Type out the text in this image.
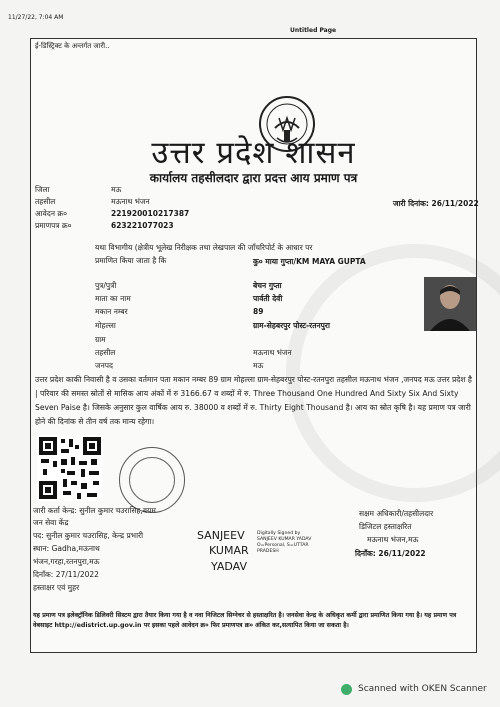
11/27/22, 7:04 AM
Untitled Page
ई-डिस्ट्रिक्ट के अन्तर्गत जारी..
उत्तर प्रदेश शासन
कार्यालय तहसीलदार द्वारा प्रदत्त आय प्रमाण पत्र
जिला	मऊ
तहसील	मऊनाथ भंजन
आवेदन क्र०	221920010217387
प्रमाणपत्र क्र०	623221077023
जारी दिनांक: 26/11/2022
यथा विभागीय (क्षेत्रीय भूलेख निरीक्षक तथा लेखपाल की जाँचरिपोर्ट के आधार पर
प्रमाणित किया जाता है कि	कु० माया गुप्ता/KM MAYA GUPTA
पुत्र/पुत्री	बेचन गुप्ता
माता का नाम	पार्वती देवी
मकान नम्बर	89
मोहल्ला	ग्राम-सेहबरपुर पोस्ट-रतनपुरा
ग्राम
तहसील	मऊनाथ भंजन
जनपद	मऊ
उत्तर प्रदेश काकी निवासी है व उसका वर्तमान पता मकान नम्बर 89 ग्राम मोहल्ला ग्राम-सेहबरपुर पोस्ट-रतनपुरा तहसील मऊनाथ भंजन ,जनपद मऊ उत्तर प्रदेश है | परिवार की समस्त स्रोतों से मासिक आय अंकों में रु 3166.67 व शब्दों में रु. Three Thousand One Hundred And Sixty Six And Sixty Seven Paise है। जिसके अनुसार कुल वार्षिक आय रु. 38000 व शब्दों में रु. Thirty Eight Thousand है। आय का स्रोत कृषि है। यह प्रमाण पत्र जारी होने की दिनांक से तीन वर्ष तक मान्य रहेगा।
जारी कर्ता केन्द्र: सुनील कुमार चउरासिह,बयम
जन सेवा केंद्र
पद: सुनील कुमार चउरासिह, केन्द्र प्रभारी
स्थान: Gadha,मऊनाथ
भंजन,गरहा,रतनपुरा,मऊ
दिनाँक: 27/11/2022
हस्ताक्षर एवं मुहर
SANJEEV
KUMAR
YADAV
Digitally Signed by SANJEEV KUMAR YADAV O=Personal, S=UTTAR PRADESH
सक्षम अधिकारी/तहसीलदार
डिजिटल हस्ताक्षरित
मऊनाथ भंजन,मऊ
दिनाँक: 26/11/2022
यह प्रमाण पत्र इलेक्ट्रॉनिक डिलिवरी सिस्टम द्वारा तैयार किया गया है व नवा निजिटल सिग्नेचर से हस्ताक्षरित है। जनसेवा केन्द्र के अधिकृत कर्मी द्वारा प्रमाणित किया गया है। यह प्रमाण पत्र वेबसाइट http://edistrict.up.gov.in पर इसका पहले आवेदन क्र० फिर प्रमाणपत्र क्र० अंकित कर,सत्यापित किया जा सकता है।
Scanned with OKEN Scanner
